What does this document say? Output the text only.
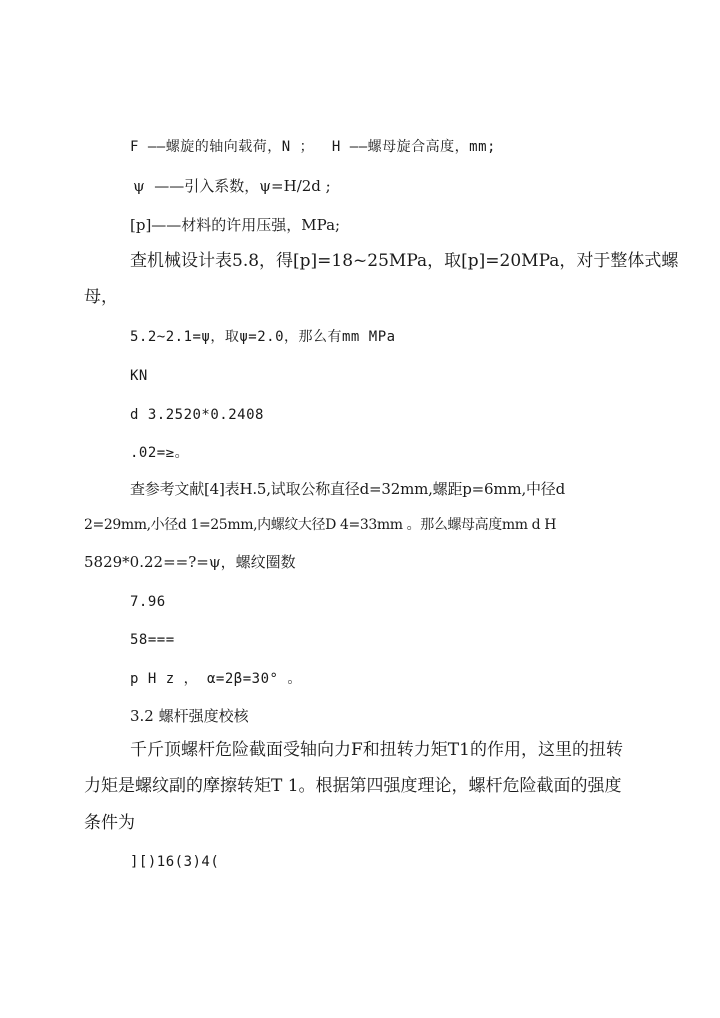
F ——螺旋的轴向载荷，N ；  H ——螺母旋合高度，mm;
ψ  ——引入系数，ψ=H/2d ;
[p]——材料的许用压强，MPa;
查机械设计表5.8，得[p]=18~25MPa，取[p]=20MPa，对于整体式螺
母，
5.2~2.1=ψ，取ψ=2.0，那么有mm MPa
KN
d 3.2520*0.2408
.02=≥。
查参考文献[4]表H.5,试取公称直径d=32mm,螺距p=6mm,中径d
2=29mm,小径d 1=25mm,内螺纹大径D 4=33mm 。那么螺母高度mm d H
5829*0.22==?=ψ，螺纹圈数
7.96
58===
p H z ， α=2β=30° 。
3.2 螺杆强度校核
千斤顶螺杆危险截面受轴向力F和扭转力矩T1的作用，这里的扭转
力矩是螺纹副的摩擦转矩T 1。根据第四强度理论，螺杆危险截面的强度
条件为
][)16(3)4(
